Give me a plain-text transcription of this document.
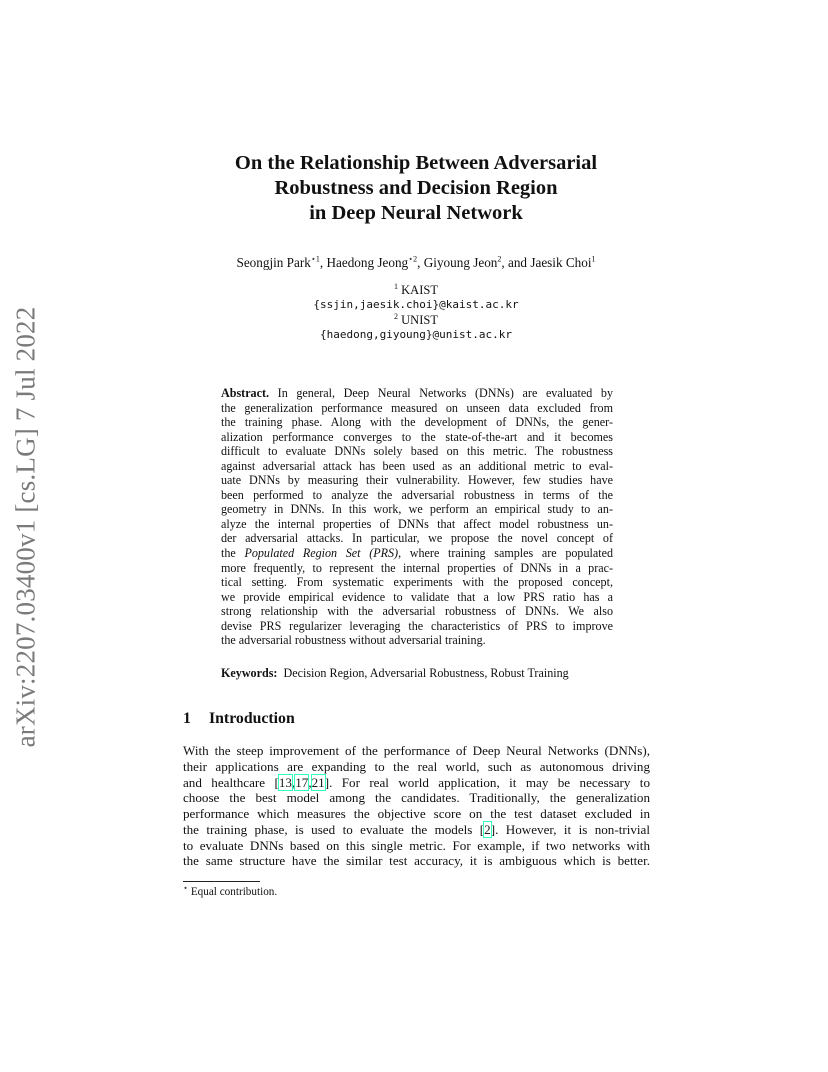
arXiv:2207.03400v1 [cs.LG] 7 Jul 2022
On the Relationship Between Adversarial
Robustness and Decision Region
in Deep Neural Network
Seongjin Park$^{⋆1}$, Haedong Jeong$^{⋆2}$, Giyoung Jeon$^2$, and Jaesik Choi$^1$
$^1$ KAIST
{ssjin,jaesik.choi}@kaist.ac.kr
$^2$ UNIST
{haedong,giyoung}@unist.ac.kr
Abstract. In general, Deep Neural Networks (DNNs) are evaluated by
the generalization performance measured on unseen data excluded from
the training phase. Along with the development of DNNs, the gener-
alization performance converges to the state-of-the-art and it becomes
difficult to evaluate DNNs solely based on this metric. The robustness
against adversarial attack has been used as an additional metric to eval-
uate DNNs by measuring their vulnerability. However, few studies have
been performed to analyze the adversarial robustness in terms of the
geometry in DNNs. In this work, we perform an empirical study to an-
alyze the internal properties of DNNs that affect model robustness un-
der adversarial attacks. In particular, we propose the novel concept of
the Populated Region Set (PRS), where training samples are populated
more frequently, to represent the internal properties of DNNs in a prac-
tical setting. From systematic experiments with the proposed concept,
we provide empirical evidence to validate that a low PRS ratio has a
strong relationship with the adversarial robustness of DNNs. We also
devise PRS regularizer leveraging the characteristics of PRS to improve
the adversarial robustness without adversarial training.
Keywords: Decision Region, Adversarial Robustness, Robust Training
1 Introduction
With the steep improvement of the performance of Deep Neural Networks (DNNs),
their applications are expanding to the real world, such as autonomous driving
and healthcare [13,17,21]. For real world application, it may be necessary to
choose the best model among the candidates. Traditionally, the generalization
performance which measures the objective score on the test dataset excluded in
the training phase, is used to evaluate the models [2]. However, it is non-trivial
to evaluate DNNs based on this single metric. For example, if two networks with
the same structure have the similar test accuracy, it is ambiguous which is better.
⋆ Equal contribution.
